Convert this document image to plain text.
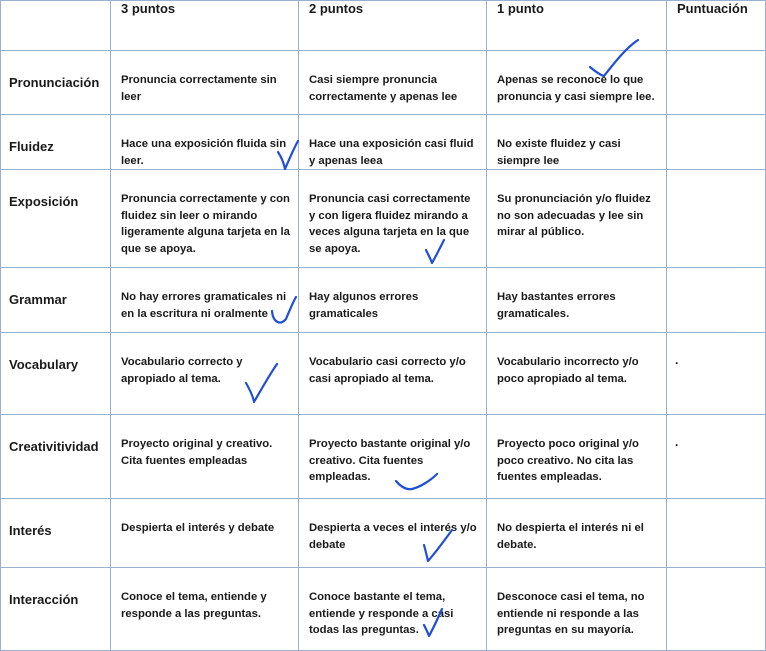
	3 puntos	2 puntos	1 punto	Puntuación

Pronunciación	Pronuncia correctamente sin leer	Casi siempre pronuncia correctamente y apenas lee	Apenas se reconoce lo que pronuncia y casi siempre lee.	

Fluidez	Hace una exposición fluida sin leer.	Hace una exposición casi fluid y apenas leea	No existe fluidez y casi siempre lee	

Exposición	Pronuncia correctamente y con fluidez sin leer o mirando ligeramente alguna tarjeta en la que se apoya.	Pronuncia casi correctamente y con ligera fluidez mirando a veces alguna tarjeta en la que se apoya.	Su pronunciación y/o fluidez no son adecuadas y lee sin mirar al público.	

Grammar	No hay errores gramaticales ni en la escritura ni oralmente	Hay algunos errores gramaticales	Hay bastantes errores gramaticales.	

Vocabulary	Vocabulario correcto y apropiado al tema.	Vocabulario casi correcto y/o casi apropiado al tema.	Vocabulario incorrecto y/o poco apropiado al tema.	.

Creativitividad	Proyecto original y creativo. Cita fuentes empleadas	Proyecto bastante original y/o creativo. Cita fuentes empleadas.	Proyecto poco original y/o poco creativo. No cita las fuentes empleadas.	.

Interés	Despierta el interés y debate	Despierta a veces el interés y/o debate	No despierta el interés ni el debate.	

Interacción	Conoce el tema, entiende y responde a las preguntas.	Conoce bastante el tema, entiende y responde a casi todas las preguntas.	Desconoce casi el tema, no entiende ni responde a las preguntas en su mayoría.	
